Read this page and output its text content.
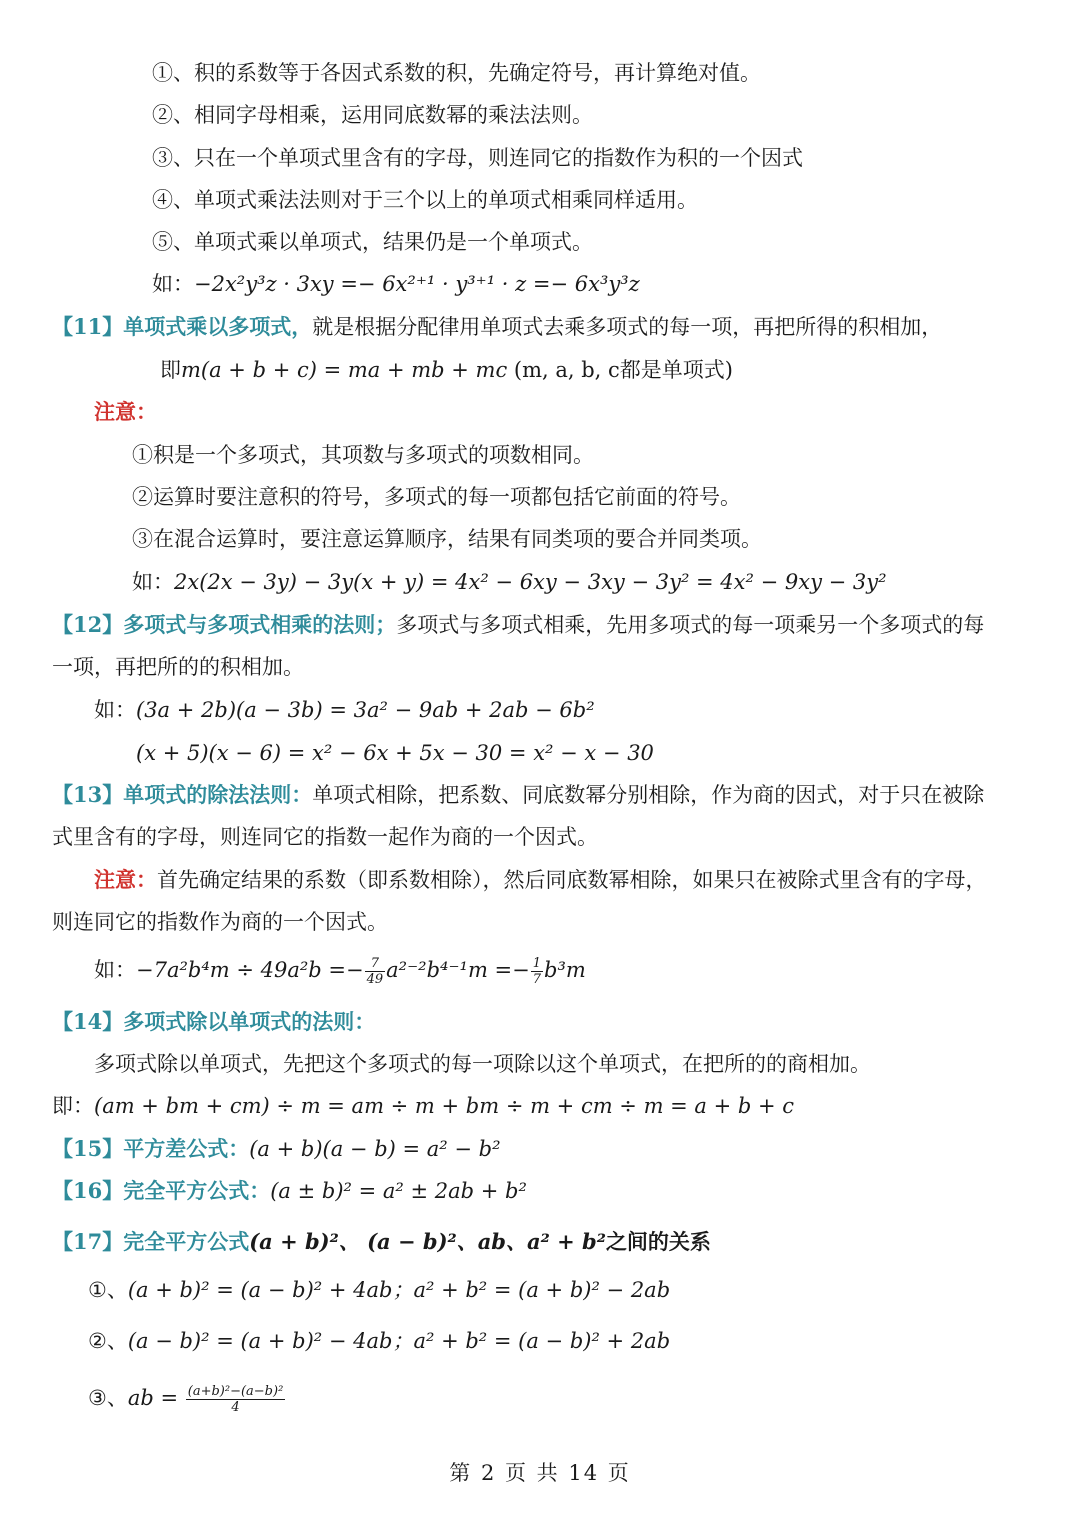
①、积的系数等于各因式系数的积，先确定符号，再计算绝对值。
②、相同字母相乘，运用同底数幂的乘法法则。
③、只在一个单项式里含有的字母，则连同它的指数作为积的一个因式
④、单项式乘法法则对于三个以上的单项式相乘同样适用。
⑤、单项式乘以单项式，结果仍是一个单项式。
如：−2x²y³z · 3xy =− 6x²⁺¹ · y³⁺¹ · z =− 6x³y³z
【11】单项式乘以多项式，就是根据分配律用单项式去乘多项式的每一项，再把所得的积相加，
即m(a + b + c) = ma + mb + mc (m, a, b, c都是单项式)
注意：
①积是一个多项式，其项数与多项式的项数相同。
②运算时要注意积的符号，多项式的每一项都包括它前面的符号。
③在混合运算时，要注意运算顺序，结果有同类项的要合并同类项。
如：2x(2x − 3y) − 3y(x + y) = 4x² − 6xy − 3xy − 3y² = 4x² − 9xy − 3y²
【12】多项式与多项式相乘的法则；多项式与多项式相乘，先用多项式的每一项乘另一个多项式的每
一项，再把所的的积相加。
如：(3a + 2b)(a − 3b) = 3a² − 9ab + 2ab − 6b²
(x + 5)(x − 6) = x² − 6x + 5x − 30 = x² − x − 30
【13】单项式的除法法则：单项式相除，把系数、同底数幂分别相除，作为商的因式，对于只在被除
式里含有的字母，则连同它的指数一起作为商的一个因式。
注意：首先确定结果的系数（即系数相除），然后同底数幂相除，如果只在被除式里含有的字母，
则连同它的指数作为商的一个因式。
如：$-7a^2b^4m \div 49a^2b =- \frac{7}{49} a^{2-2}b^{4-1}m =- \frac{1}{7} b^3m$
【14】多项式除以单项式的法则：
多项式除以单项式，先把这个多项式的每一项除以这个单项式，在把所的的商相加。
即：(am + bm + cm) ÷ m = am ÷ m + bm ÷ m + cm ÷ m = a + b + c
【15】平方差公式：(a + b)(a − b) = a² − b²
【16】完全平方公式：(a ± b)² = a² ± 2ab + b²
【17】完全平方公式(a + b)²、 (a − b)²、ab、a² + b²之间的关系
①、(a + b)² = (a − b)² + 4ab；a² + b² = (a + b)² − 2ab
②、(a − b)² = (a + b)² − 4ab；a² + b² = (a − b)² + 2ab
③、ab = $\frac{\text{(a+b)²−(a−b)²}}{4}$
第 2 页 共 14 页
